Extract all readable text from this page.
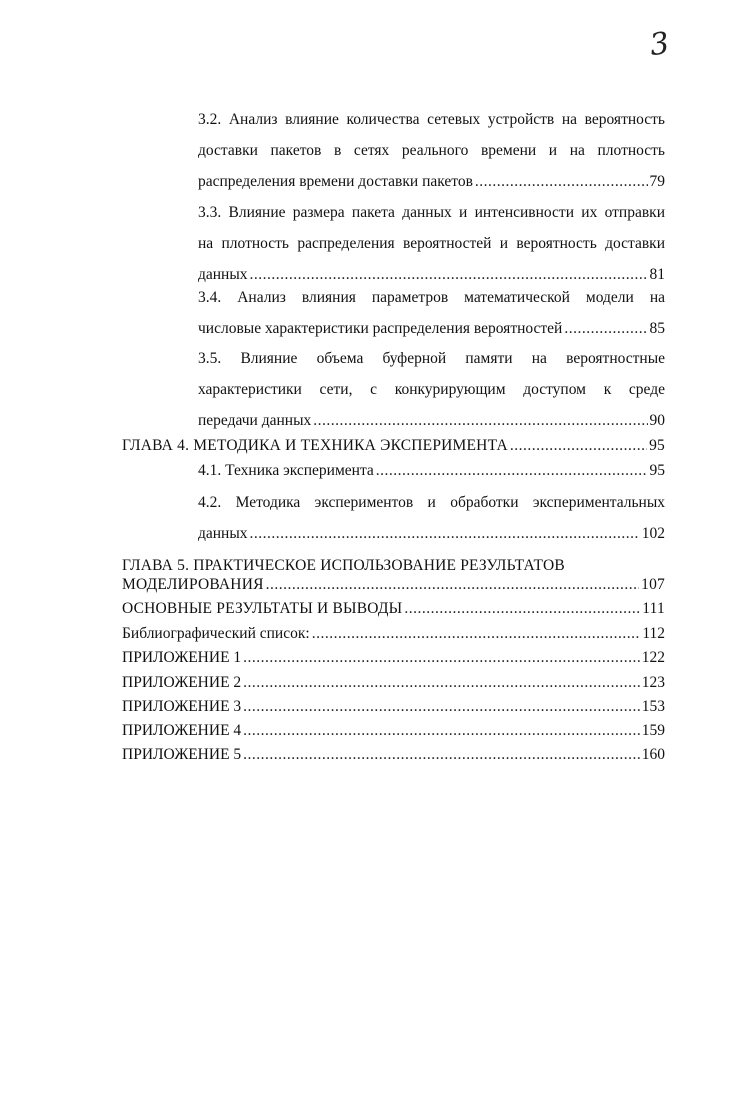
3
3.2. Анализ влияние количества сетевых устройств на вероятность
доставки пакетов в сетях реального времени и на плотность
распределения времени доставки пакетов .....	79
3.3. Влияние размера пакета данных и интенсивности их отправки
на плотность распределения вероятностей и вероятность доставки
данных .....	81
3.4. Анализ влияния параметров математической модели на
числовые характеристики распределения вероятностей .....	85
3.5. Влияние объема буферной памяти на вероятностные
характеристики сети, с конкурирующим доступом к среде
передачи данных .....	90
ГЛАВА 4. МЕТОДИКА И ТЕХНИКА ЭКСПЕРИМЕНТА .....	95
4.1. Техника эксперимента .....	95
4.2. Методика экспериментов и обработки экспериментальных
данных .....	102
ГЛАВА 5. ПРАКТИЧЕСКОЕ ИСПОЛЬЗОВАНИЕ РЕЗУЛЬТАТОВ
МОДЕЛИРОВАНИЯ .....	107
ОСНОВНЫЕ РЕЗУЛЬТАТЫ И ВЫВОДЫ .....	111
Библиографический список: .....	112
ПРИЛОЖЕНИЕ 1 .....	122
ПРИЛОЖЕНИЕ 2 .....	123
ПРИЛОЖЕНИЕ 3 .....	153
ПРИЛОЖЕНИЕ 4 .....	159
ПРИЛОЖЕНИЕ 5 .....	160
